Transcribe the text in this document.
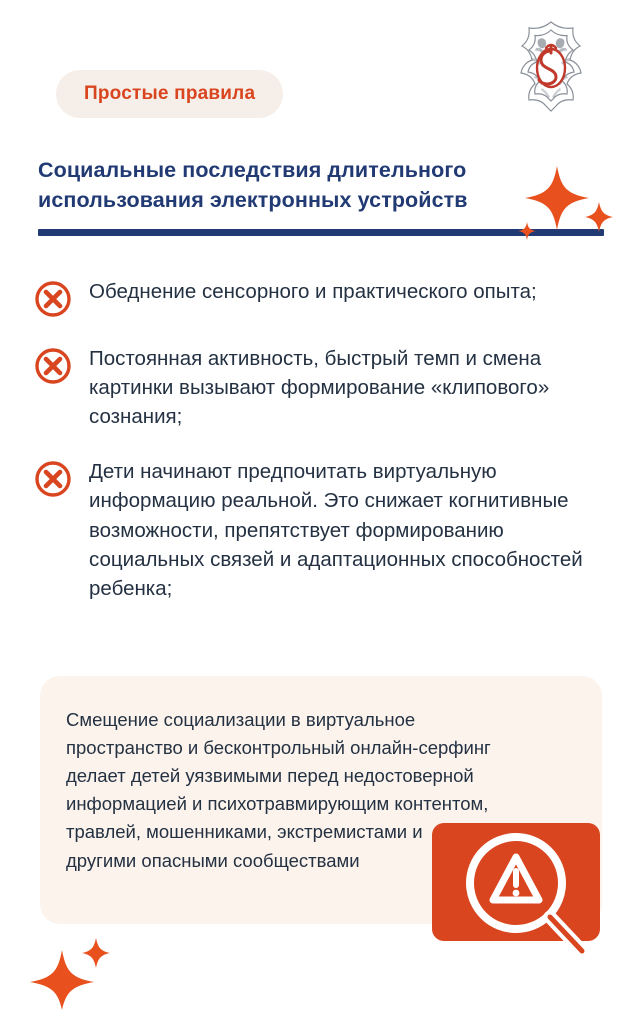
Простые правила
Социальные последствия длительного использования электронных устройств
Обеднение сенсорного и практического опыта;
Постоянная активность, быстрый темп и смена картинки вызывают формирование «клипового» сознания;
Дети начинают предпочитать виртуальную информацию реальной. Это снижает когнитивные возможности, препятствует формированию социальных связей и адаптационных способностей ребенка;
Смещение социализации в виртуальное пространство и бесконтрольный онлайн-серфинг делает детей уязвимыми перед недостоверной информацией и психотравмирующим контентом, травлей, мошенниками, экстремистами и другими опасными сообществами
